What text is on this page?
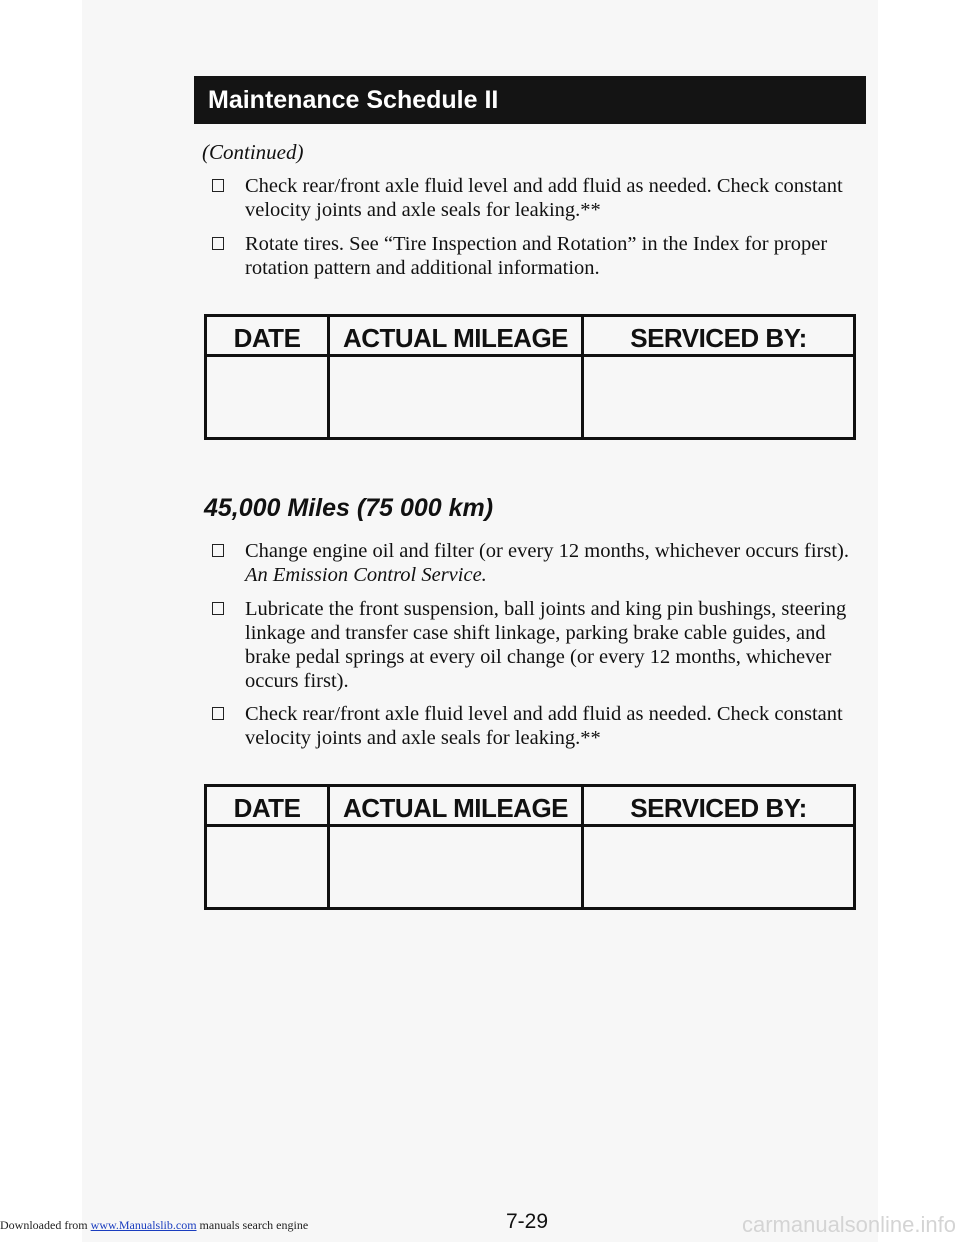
Maintenance Schedule II
(Continued)
Check rear/front axle fluid level and add fluid as needed. Check constant velocity joints and axle seals for leaking.**
Rotate tires. See “Tire Inspection and Rotation” in the Index for proper rotation pattern and additional information.
DATE	ACTUAL MILEAGE	SERVICED BY:
45,000 Miles (75 000 km)
Change engine oil and filter (or every 12 months, whichever occurs first). An Emission Control Service.
Lubricate the front suspension, ball joints and king pin bushings, steering linkage and transfer case shift linkage, parking brake cable guides, and brake pedal springs at every oil change (or every 12 months, whichever occurs first).
Check rear/front axle fluid level and add fluid as needed. Check constant velocity joints and axle seals for leaking.**
DATE	ACTUAL MILEAGE	SERVICED BY:
Downloaded from www.Manualslib.com manuals search engine	7-29	carmanualsonline.info
